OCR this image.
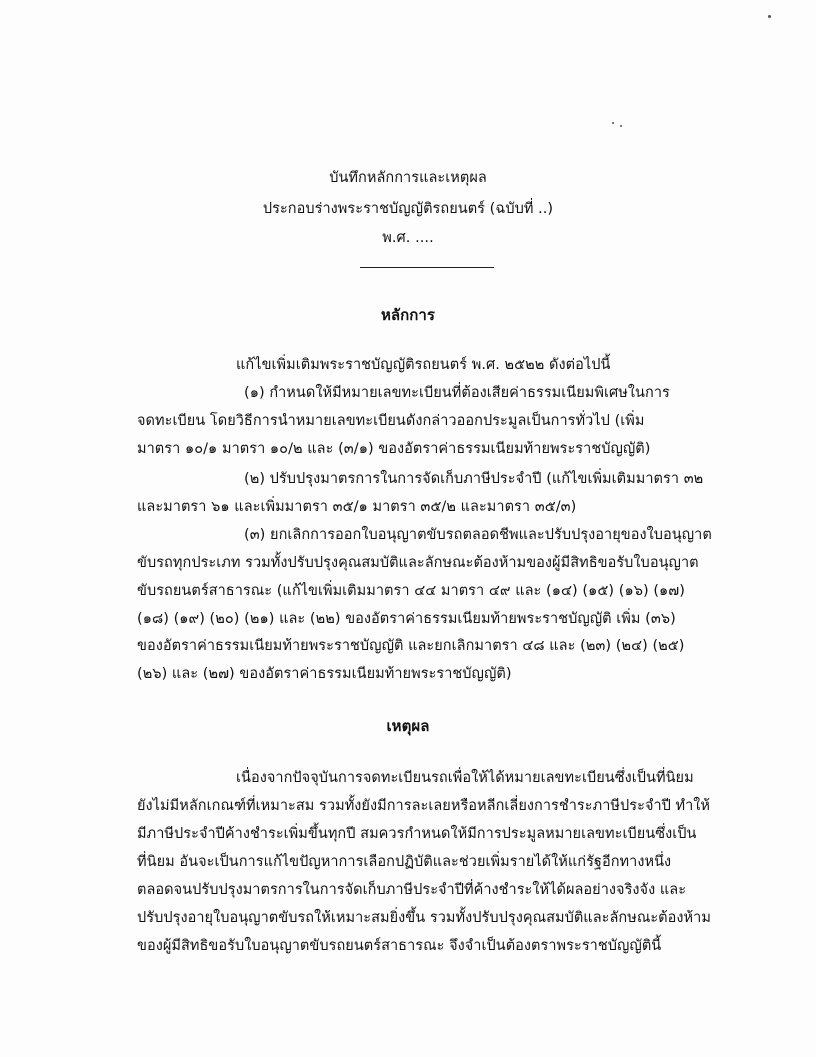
บันทึกหลักการและเหตุผล
ประกอบร่างพระราชบัญญัติรถยนตร์ (ฉบับที่ ..)
พ.ศ. ....
หลักการ
แก้ไขเพิ่มเติมพระราชบัญญัติรถยนตร์ พ.ศ. ๒๕๒๒ ดังต่อไปนี้
(๑) กำหนดให้มีหมายเลขทะเบียนที่ต้องเสียค่าธรรมเนียมพิเศษในการ
จดทะเบียน โดยวิธีการนำหมายเลขทะเบียนดังกล่าวออกประมูลเป็นการทั่วไป (เพิ่ม
มาตรา ๑๐/๑ มาตรา ๑๐/๒ และ (๓/๑) ของอัตราค่าธรรมเนียมท้ายพระราชบัญญัติ)
(๒) ปรับปรุงมาตรการในการจัดเก็บภาษีประจำปี (แก้ไขเพิ่มเติมมาตรา ๓๒
และมาตรา ๖๑ และเพิ่มมาตรา ๓๕/๑ มาตรา ๓๕/๒ และมาตรา ๓๕/๓)
(๓) ยกเลิกการออกใบอนุญาตขับรถตลอดชีพและปรับปรุงอายุของใบอนุญาต
ขับรถทุกประเภท รวมทั้งปรับปรุงคุณสมบัติและลักษณะต้องห้ามของผู้มีสิทธิขอรับใบอนุญาต
ขับรถยนตร์สาธารณะ (แก้ไขเพิ่มเติมมาตรา ๔๔ มาตรา ๔๙ และ (๑๔) (๑๕) (๑๖) (๑๗)
(๑๘) (๑๙) (๒๐) (๒๑) และ (๒๒) ของอัตราค่าธรรมเนียมท้ายพระราชบัญญัติ เพิ่ม (๓๖)
ของอัตราค่าธรรมเนียมท้ายพระราชบัญญัติ และยกเลิกมาตรา ๔๘ และ (๒๓) (๒๔) (๒๕)
(๒๖) และ (๒๗) ของอัตราค่าธรรมเนียมท้ายพระราชบัญญัติ)
เหตุผล
เนื่องจากปัจจุบันการจดทะเบียนรถเพื่อให้ได้หมายเลขทะเบียนซึ่งเป็นที่นิยม
ยังไม่มีหลักเกณฑ์ที่เหมาะสม รวมทั้งยังมีการละเลยหรือหลีกเลี่ยงการชำระภาษีประจำปี ทำให้
มีภาษีประจำปีค้างชำระเพิ่มขึ้นทุกปี สมควรกำหนดให้มีการประมูลหมายเลขทะเบียนซึ่งเป็น
ที่นิยม อันจะเป็นการแก้ไขปัญหาการเลือกปฏิบัติและช่วยเพิ่มรายได้ให้แก่รัฐอีกทางหนึ่ง
ตลอดจนปรับปรุงมาตรการในการจัดเก็บภาษีประจำปีที่ค้างชำระให้ได้ผลอย่างจริงจัง และ
ปรับปรุงอายุใบอนุญาตขับรถให้เหมาะสมยิ่งขึ้น รวมทั้งปรับปรุงคุณสมบัติและลักษณะต้องห้าม
ของผู้มีสิทธิขอรับใบอนุญาตขับรถยนตร์สาธารณะ จึงจำเป็นต้องตราพระราชบัญญัตินี้
